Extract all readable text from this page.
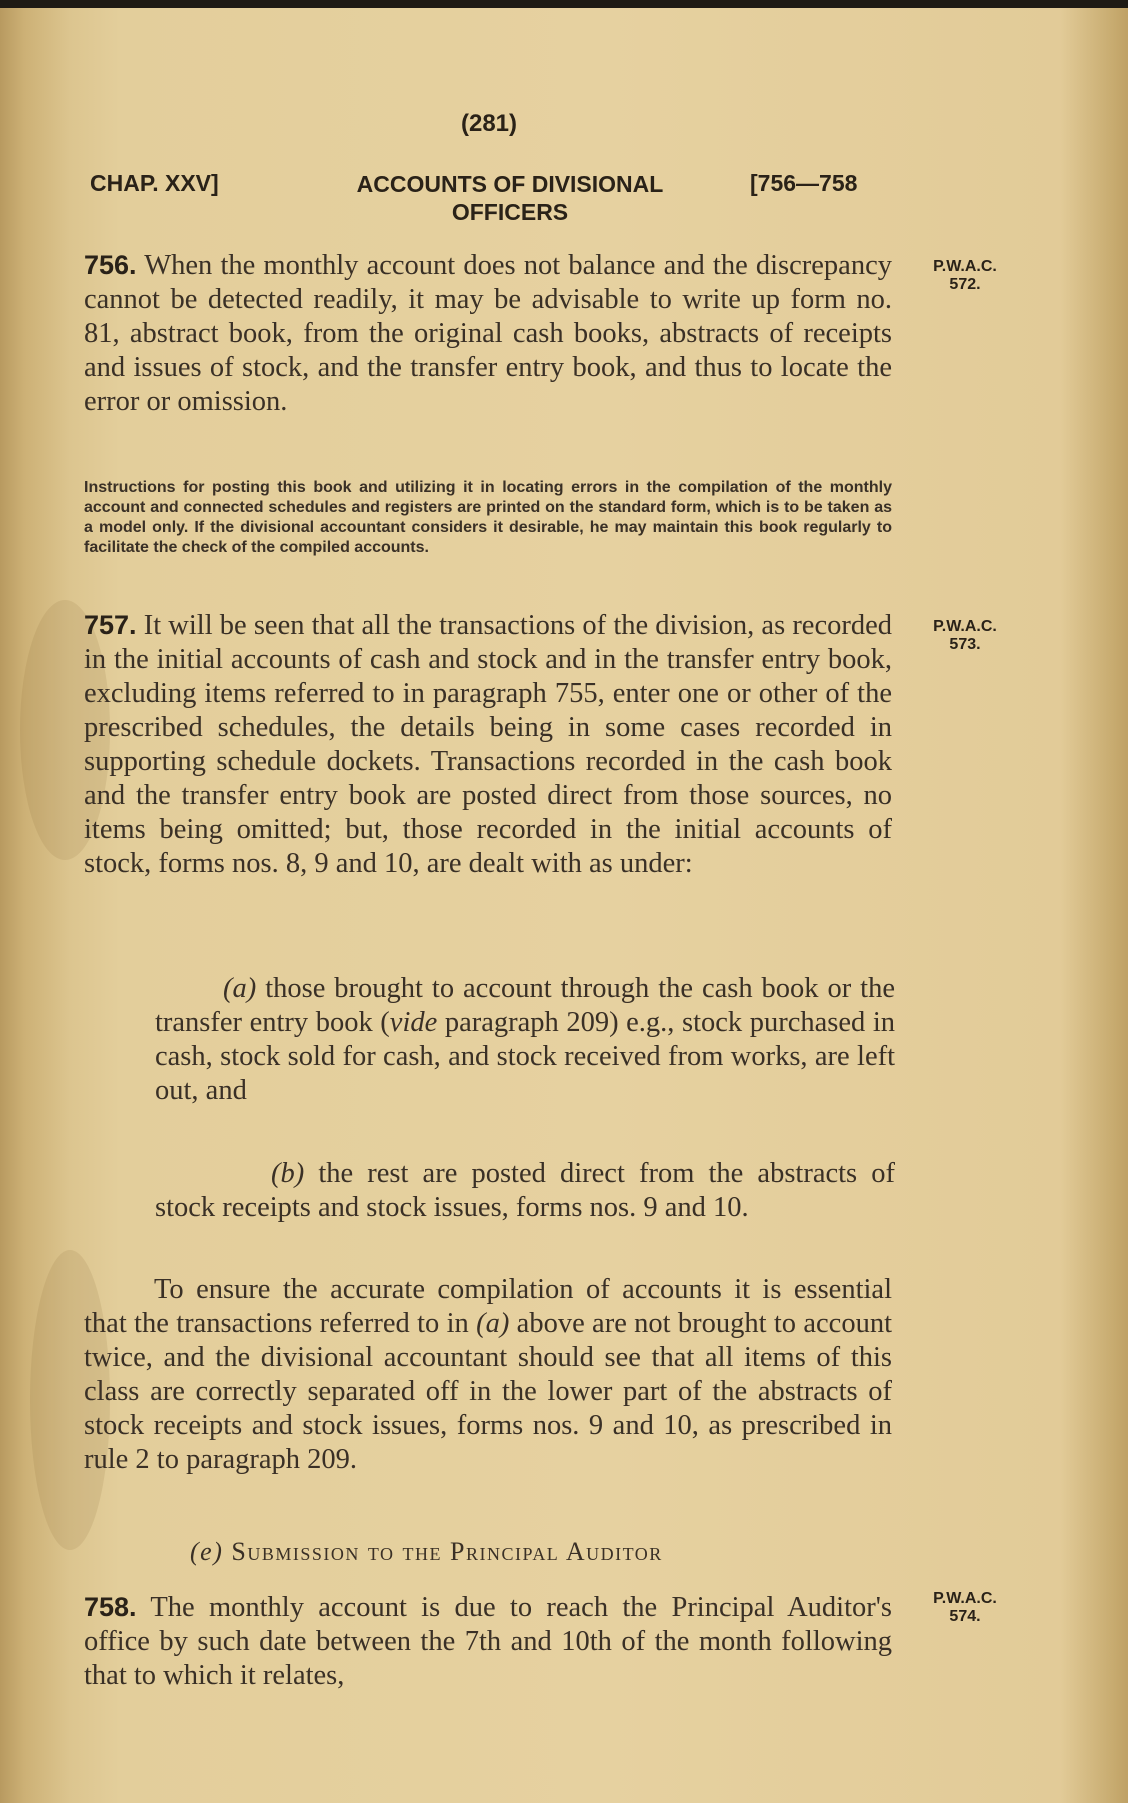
(281)
CHAP. XXV]	ACCOUNTS OF DIVISIONAL OFFICERS
[756—758

756. When the monthly account does not balance and the discrepancy cannot be detected readily, it may be advisable to write up form no. 81, abstract book, from the original cash books, abstracts of receipts and issues of stock, and the transfer entry book, and thus to locate the error or omission.

P.W.A.C.
572.

Instructions for posting this book and utilizing it in locating errors in the compilation of the monthly account and connected schedules and registers are printed on the standard form, which is to be taken as a model only. If the divisional accountant considers it desirable, he may maintain this book regularly to facilitate the check of the compiled accounts.

757. It will be seen that all the transactions of the division, as recorded in the initial accounts of cash and stock and in the transfer entry book, excluding items referred to in paragraph 755, enter one or other of the prescribed schedules, the details being in some cases recorded in supporting schedule dockets. Transactions recorded in the cash book and the transfer entry book are posted direct from those sources, no items being omitted; but, those recorded in the initial accounts of stock, forms nos. 8, 9 and 10, are dealt with as under:

P.W.A.C.
573.

(a) those brought to account through the cash book or the transfer entry book (vide paragraph 209) e.g., stock purchased in cash, stock sold for cash, and stock received from works, are left out, and

(b) the rest are posted direct from the abstracts of stock receipts and stock issues, forms nos. 9 and 10.

To ensure the accurate compilation of accounts it is essential that the transactions referred to in (a) above are not brought to account twice, and the divisional accountant should see that all items of this class are correctly separated off in the lower part of the abstracts of stock receipts and stock issues, forms nos. 9 and 10, as prescribed in rule 2 to paragraph 209.

(e) Submission to the Principal Auditor

758. The monthly account is due to reach the Principal Auditor's office by such date between the 7th and 10th of the month following that to which it relates,

P.W.A.C.
574.
